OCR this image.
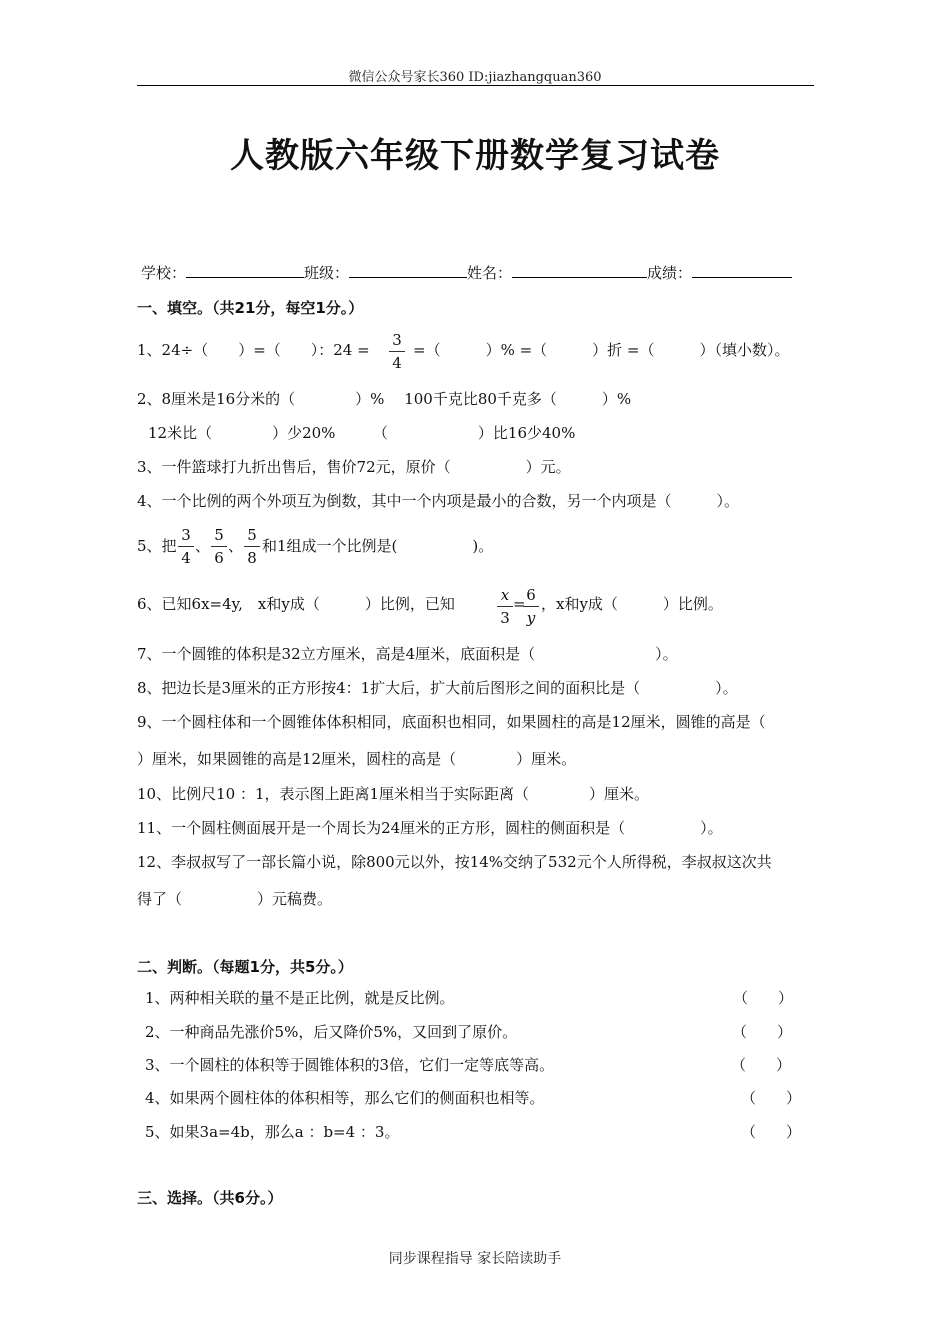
微信公众号家长360 ID:jiazhangquan360
人教版六年级下册数学复习试卷
学校：	班级：	姓名：	成绩：
一、填空。（共21分，每空1分。）
1、24÷（　　）=（　　）：24 =
3
4
=（　　　）% =（　　　）折 =（　　　）（填小数）。
2、8厘米是16分米的（　　　　）%　 100千克比80千克多（　　　）%
12米比（　　　　）少20%　　　（　　　　　　）比16少40%
3、一件篮球打九折出售后，售价72元，原价（　　　　　）元。
4、一个比例的两个外项互为倒数，其中一个内项是最小的合数，另一个内项是（　　　）。
5、把
3
4
、
5
6
、
5
8
和1组成一个比例是(　　　　　)。
6、已知6x=4y,　x和y成（　　　）比例，已知	x
3
= 6
y
，x和y成（　　　）比例。
7、一个圆锥的体积是32立方厘米，高是4厘米，底面积是（　　　　　　　　）。
8、把边长是3厘米的正方形按4：1扩大后，扩大前后图形之间的面积比是（　　　　　）。
9、一个圆柱体和一个圆锥体体积相同，底面积也相同，如果圆柱的高是12厘米，圆锥的高是（
）厘米，如果圆锥的高是12厘米，圆柱的高是（　　　　）厘米。
10、比例尺10 ：1，表示图上距离1厘米相当于实际距离（　　　　）厘米。
11、一个圆柱侧面展开是一个周长为24厘米的正方形，圆柱的侧面积是（　　　　　）。
12、李叔叔写了一部长篇小说，除800元以外，按14%交纳了532元个人所得税，李叔叔这次共
得了（　　　　　）元稿费。
二、判断。（每题1分，共5分。）
1、两种相关联的量不是正比例，就是反比例。	（　　）
2、一种商品先涨价5%，后又降价5%，又回到了原价。	（　　）
3、一个圆柱的体积等于圆锥体积的3倍，它们一定等底等高。	（　　）
4、如果两个圆柱体的体积相等，那么它们的侧面积也相等。	（　　）
5、如果3a=4b，那么a ：b=4 ：3。	（　　）
三、选择。（共6分。）
同步课程指导 家长陪读助手
